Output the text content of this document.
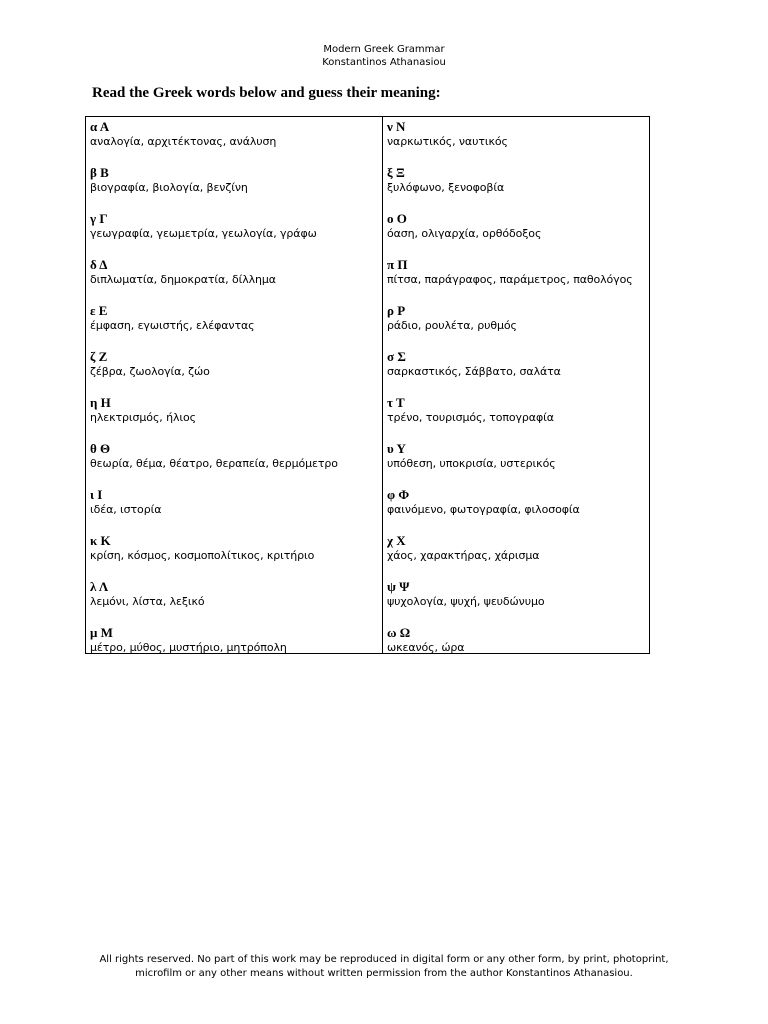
Modern Greek Grammar
Konstantinos Athanasiou
Read the Greek words below and guess their meaning:
α Α
αναλογία, αρχιτέκτονας, ανάλυση
β Β
βιογραφία, βιολογία, βενζίνη
γ Γ
γεωγραφία, γεωμετρία, γεωλογία, γράφω
δ Δ
διπλωματία, δημοκρατία, δίλλημα
ε Ε
έμφαση, εγωιστής, ελέφαντας
ζ Ζ
ζέβρα, ζωολογία, ζώο
η Η
ηλεκτρισμός, ήλιος
θ Θ
θεωρία, θέμα, θέατρο, θεραπεία, θερμόμετρο
ι Ι
ιδέα, ιστορία
κ Κ
κρίση, κόσμος, κοσμοπολίτικος, κριτήριο
λ Λ
λεμόνι, λίστα, λεξικό
μ Μ
μέτρο, μύθος, μυστήριο, μητρόπολη
ν Ν
ναρκωτικός, ναυτικός
ξ Ξ
ξυλόφωνο, ξενοφοβία
ο Ο
όαση, ολιγαρχία, ορθόδοξος
π Π
πίτσα, παράγραφος, παράμετρος, παθολόγος
ρ Ρ
ράδιο, ρουλέτα, ρυθμός
σ Σ
σαρκαστικός, Σάββατο, σαλάτα
τ Τ
τρένο, τουρισμός, τοπογραφία
υ Υ
υπόθεση, υποκρισία, υστερικός
φ Φ
φαινόμενο, φωτογραφία, φιλοσοφία
χ Χ
χάος, χαρακτήρας, χάρισμα
ψ Ψ
ψυχολογία, ψυχή, ψευδώνυμο
ω Ω
ωκεανός, ώρα
All rights reserved. No part of this work may be reproduced in digital form or any other form, by print, photoprint,
microfilm or any other means without written permission from the author Konstantinos Athanasiou.
